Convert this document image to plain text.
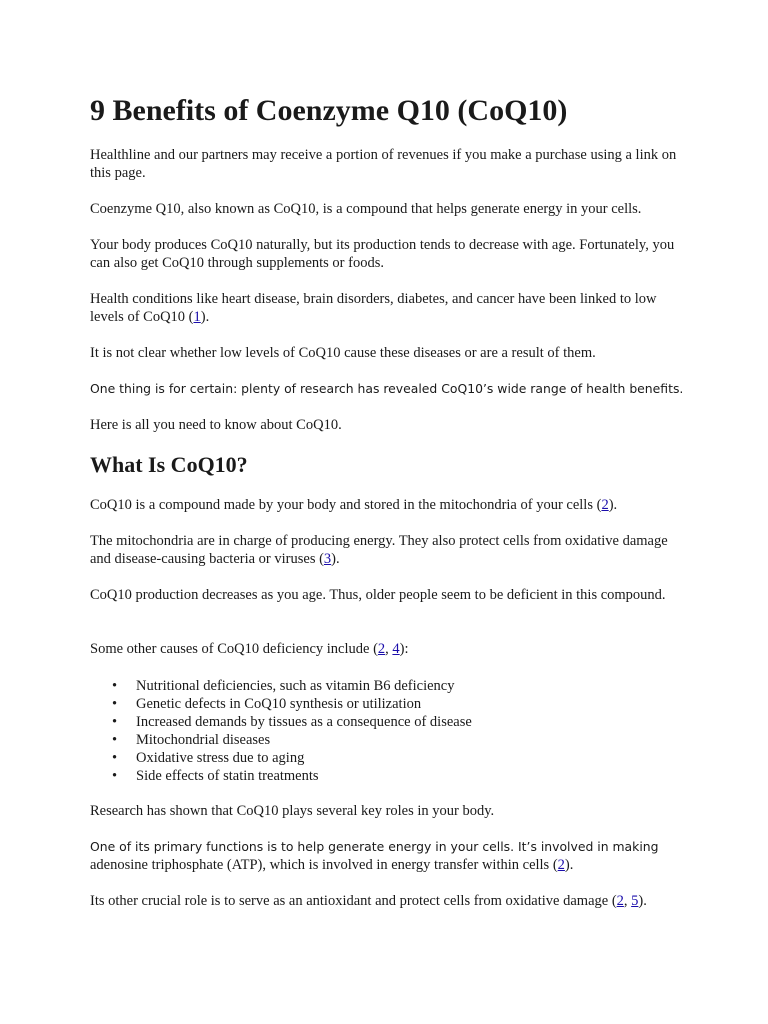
9 Benefits of Coenzyme Q10 (CoQ10)

Healthline and our partners may receive a portion of revenues if you make a purchase using a link on this page.

Coenzyme Q10, also known as CoQ10, is a compound that helps generate energy in your cells.

Your body produces CoQ10 naturally, but its production tends to decrease with age. Fortunately, you can also get CoQ10 through supplements or foods.

Health conditions like heart disease, brain disorders, diabetes, and cancer have been linked to low levels of CoQ10 (1).

It is not clear whether low levels of CoQ10 cause these diseases or are a result of them.

One thing is for certain: plenty of research has revealed CoQ10’s wide range of health benefits.

Here is all you need to know about CoQ10.

What Is CoQ10?

CoQ10 is a compound made by your body and stored in the mitochondria of your cells (2).

The mitochondria are in charge of producing energy. They also protect cells from oxidative damage and disease-causing bacteria or viruses (3).

CoQ10 production decreases as you age. Thus, older people seem to be deficient in this compound.

Some other causes of CoQ10 deficiency include (2, 4):

• Nutritional deficiencies, such as vitamin B6 deficiency
• Genetic defects in CoQ10 synthesis or utilization
• Increased demands by tissues as a consequence of disease
• Mitochondrial diseases
• Oxidative stress due to aging
• Side effects of statin treatments

Research has shown that CoQ10 plays several key roles in your body.

One of its primary functions is to help generate energy in your cells. It’s involved in making adenosine triphosphate (ATP), which is involved in energy transfer within cells (2).

Its other crucial role is to serve as an antioxidant and protect cells from oxidative damage (2, 5).
